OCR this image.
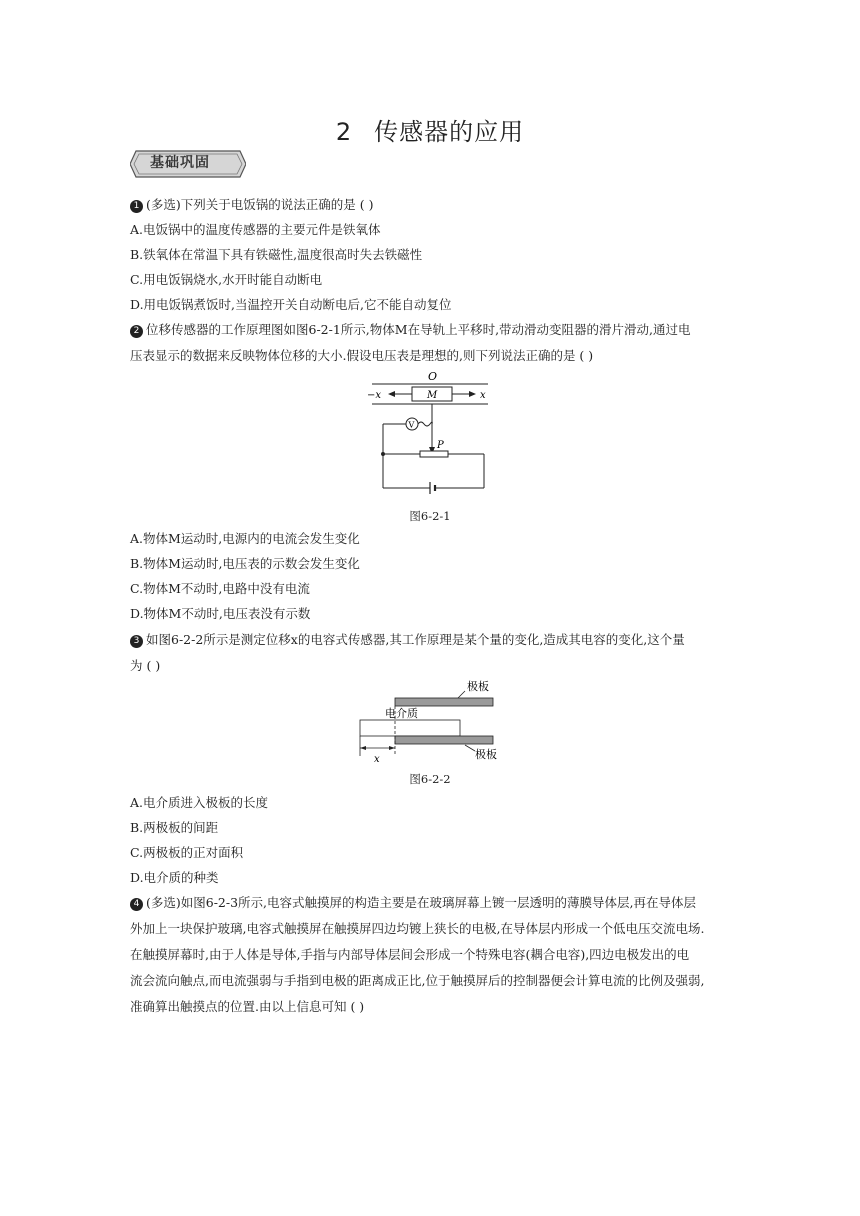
2 传感器的应用
基础巩固
1 (多选)下列关于电饭锅的说法正确的是 ( )
A.电饭锅中的温度传感器的主要元件是铁氧体
B.铁氧体在常温下具有铁磁性,温度很高时失去铁磁性
C.用电饭锅烧水,水开时能自动断电
D.用电饭锅煮饭时,当温控开关自动断电后,它不能自动复位
2 位移传感器的工作原理图如图6-2-1所示,物体M在导轨上平移时,带动滑动变阻器的滑片滑动,通过电
压表显示的数据来反映物体位移的大小.假设电压表是理想的,则下列说法正确的是 ( )
O
M
−x	x
P
V
图6-2-1
A.物体M运动时,电源内的电流会发生变化
B.物体M运动时,电压表的示数会发生变化
C.物体M不动时,电路中没有电流
D.物体M不动时,电压表没有示数
3 如图6-2-2所示是测定位移x的电容式传感器,其工作原理是某个量的变化,造成其电容的变化,这个量
为 ( )
极板
电介质
x	极板
图6-2-2
A.电介质进入极板的长度
B.两极板的间距
C.两极板的正对面积
D.电介质的种类
4 (多选)如图6-2-3所示,电容式触摸屏的构造主要是在玻璃屏幕上镀一层透明的薄膜导体层,再在导体层
外加上一块保护玻璃,电容式触摸屏在触摸屏四边均镀上狭长的电极,在导体层内形成一个低电压交流电场.
在触摸屏幕时,由于人体是导体,手指与内部导体层间会形成一个特殊电容(耦合电容),四边电极发出的电
流会流向触点,而电流强弱与手指到电极的距离成正比,位于触摸屏后的控制器便会计算电流的比例及强弱,
准确算出触摸点的位置.由以上信息可知 ( )
